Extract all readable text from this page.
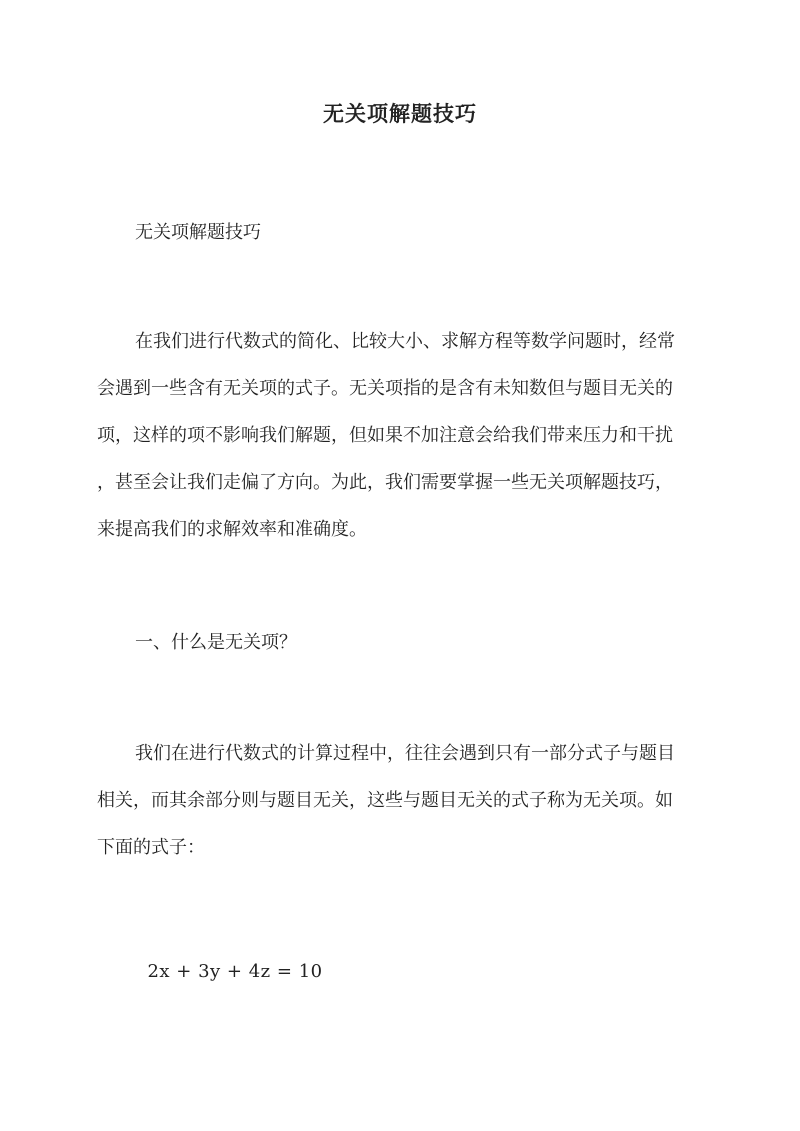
无关项解题技巧
无关项解题技巧

在我们进行代数式的简化、比较大小、求解方程等数学问题时，经常

会遇到一些含有无关项的式子。无关项指的是含有未知数但与题目无关的

项，这样的项不影响我们解题，但如果不加注意会给我们带来压力和干扰

，甚至会让我们走偏了方向。为此，我们需要掌握一些无关项解题技巧，

来提高我们的求解效率和准确度。

一、什么是无关项？

我们在进行代数式的计算过程中，往往会遇到只有一部分式子与题目

相关，而其余部分则与题目无关，这些与题目无关的式子称为无关项。如

下面的式子：

2x + 3y + 4z = 10
